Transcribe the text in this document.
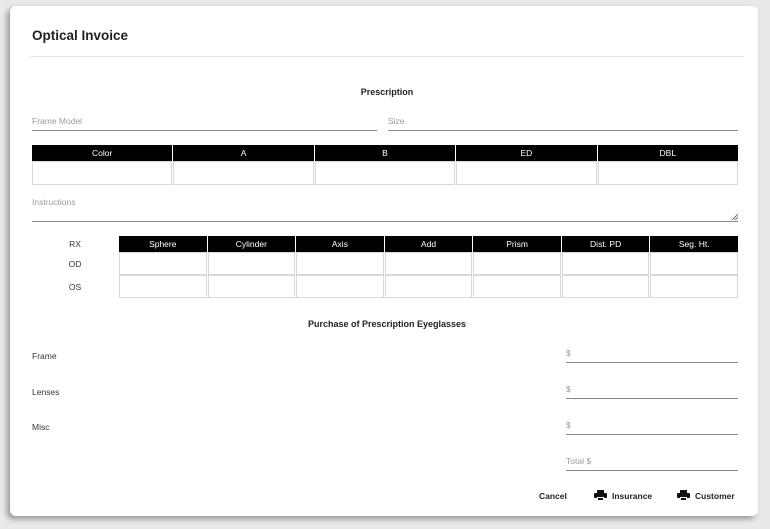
Optical Invoice
Prescription
Frame Model	Size
Color	A	B	ED	DBL
Instructions
RX	Sphere	Cylinder	Axis	Add	Prism	Dist. PD	Seg. Ht.
OD
OS
Purchase of Prescription Eyeglasses
Frame	$
Lenses	$
Misc	$
Total $
Cancel	Insurance	Customer
